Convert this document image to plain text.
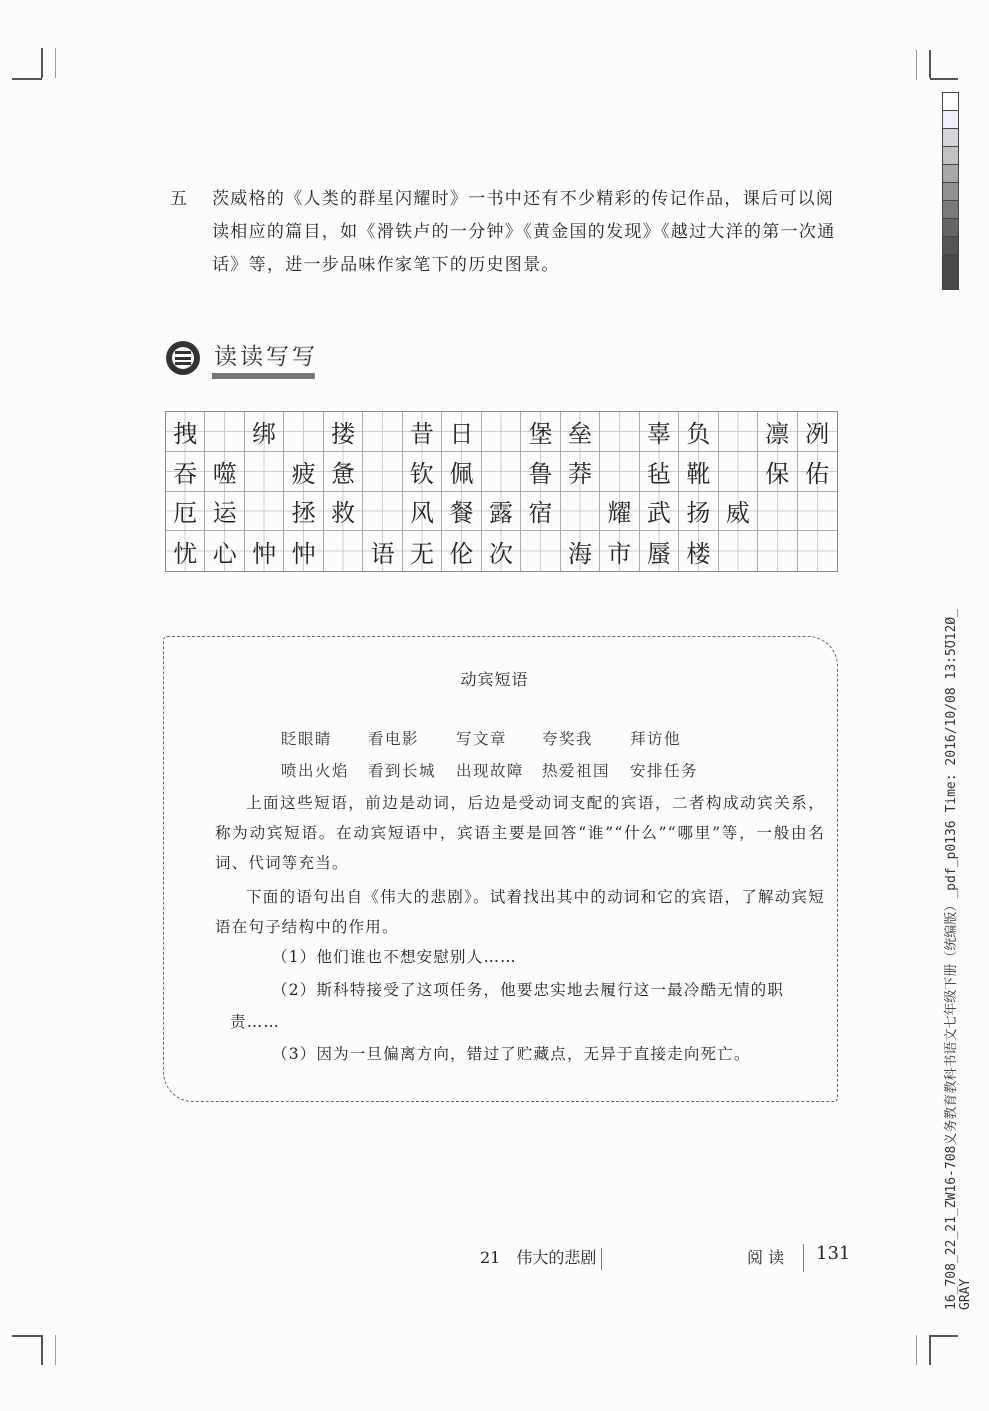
五 茨威格的《人类的群星闪耀时》一书中还有不少精彩的传记作品，课后可以阅读相应的篇目，如《滑铁卢的一分钟》《黄金国的发现》《越过大洋的第一次通话》等，进一步品味作家笔下的历史图景。
读读写写
拽	绑	搂	昔 日	堡 垒	辜 负	凛 冽
吞 噬	疲 惫	钦 佩	鲁 莽	毡 靴	保 佑
厄 运	拯 救	风 餐 露 宿	耀 武 扬 威
忧 心 忡 忡	语 无 伦 次	海 市 蜃 楼
动宾短语
眨眼睛 看电影 写文章 夸奖我 拜访他
喷出火焰 看到长城 出现故障 热爱祖国 安排任务
上面这些短语，前边是动词，后边是受动词支配的宾语，二者构成动宾关系，称为动宾短语。在动宾短语中，宾语主要是回答“谁”“什么”“哪里”等，一般由名词、代词等充当。
下面的语句出自《伟大的悲剧》。试着找出其中的动词和它的宾语，了解动宾短语在句子结构中的作用。
（1）他们谁也不想安慰别人……
（2）斯科特接受了这项任务，他要忠实地去履行这一最冷酷无情的职
责……
（3）因为一旦偏离方向，错过了贮藏点，无异于直接走向死亡。
21　伟大的悲剧	阅 读 131	16_708_22_21_ZW16-708义务教育教科书语文七年级下册（统编版）_pdf_p0136 Time: 2016/10/08 13:5Ʊ12Ø_ GRAY
